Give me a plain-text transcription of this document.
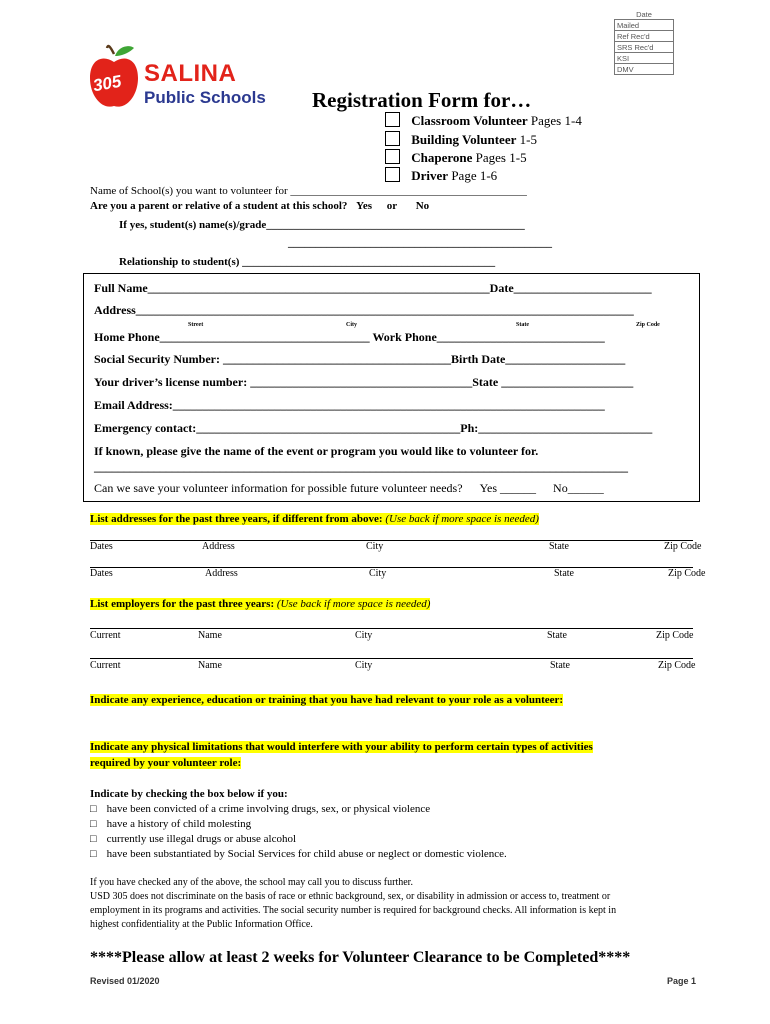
Date
Mailed
Ref Rec'd
SRS Rec'd
KSI
DMV
305 SALINA
Public Schools Registration Form for…
Classroom Volunteer Pages 1-4
Building Volunteer 1-5
Chaperone Pages 1-5
Driver Page 1-6
Name of School(s) you want to volunteer for ___________________________________________
Are you a parent or relative of a student at this school? Yes or No
If yes, student(s) name(s)/grade_______________________________________________
________________________________________________
Relationship to student(s) ______________________________________________
Full Name_________________________________________________________Date_______________________
Address___________________________________________________________________________________
Street	City	State	Zip Code
Home Phone___________________________________ Work Phone____________________________
Social Security Number: ______________________________________Birth Date____________________
Your driver’s license number: _____________________________________State ______________________
Email Address:________________________________________________________________________
Emergency contact:____________________________________________Ph:_____________________________
If known, please give the name of the event or program you would like to volunteer for.
_________________________________________________________________________________________
Can we save your volunteer information for possible future volunteer needs? Yes ______ No______
List addresses for the past three years, if different from above: (Use back if more space is needed)
Dates	Address	City	State	Zip Code
Dates	Address	City	State	Zip Code
List employers for the past three years: (Use back if more space is needed)
Current	Name	City	State	Zip Code
Current	Name	City	State	Zip Code
Indicate any experience, education or training that you have had relevant to your role as a volunteer:
Indicate any physical limitations that would interfere with your ability to perform certain types of activities
required by your volunteer role:
Indicate by checking the box below if you:
□ have been convicted of a crime involving drugs, sex, or physical violence
□ have a history of child molesting
□ currently use illegal drugs or abuse alcohol
□ have been substantiated by Social Services for child abuse or neglect or domestic violence.
If you have checked any of the above, the school may call you to discuss further.
USD 305 does not discriminate on the basis of race or ethnic background, sex, or disability in admission or access to, treatment or
employment in its programs and activities. The social security number is required for background checks. All information is kept in
highest confidentiality at the Public Information Office.
****Please allow at least 2 weeks for Volunteer Clearance to be Completed****
Revised 01/2020	Page 1
